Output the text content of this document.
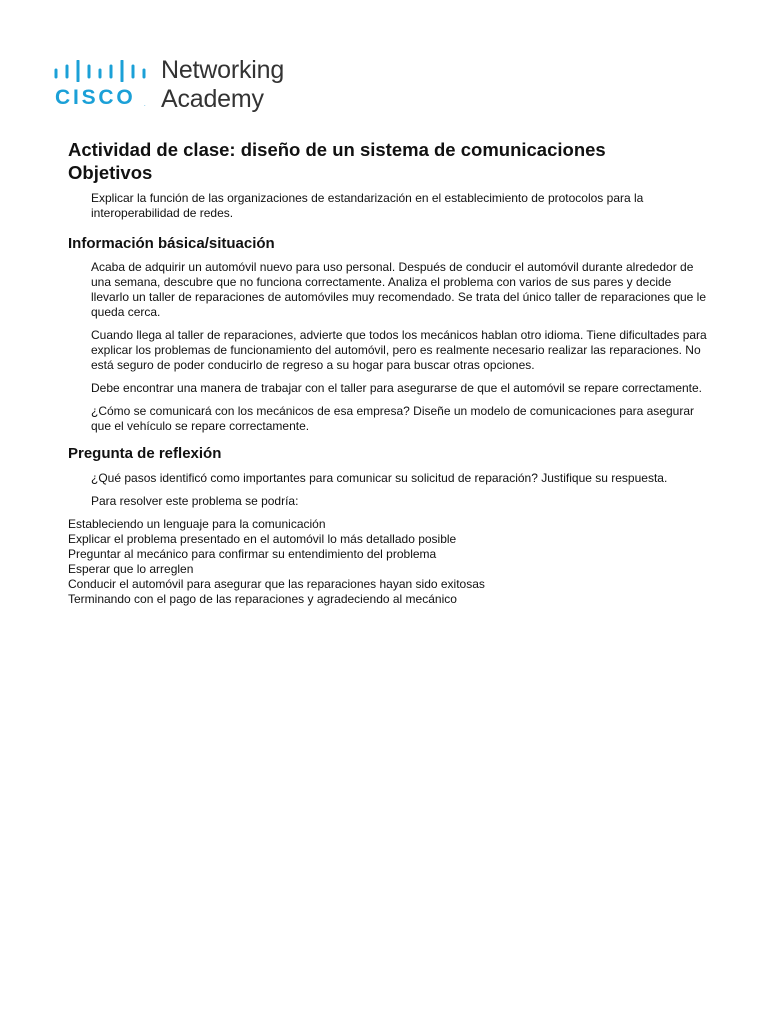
CISCO .
Networking
Academy
Actividad de clase: diseño de un sistema de comunicaciones
Objetivos

Explicar la función de las organizaciones de estandarización en el establecimiento de protocolos para la interoperabilidad de redes.

Información básica/situación

Acaba de adquirir un automóvil nuevo para uso personal. Después de conducir el automóvil durante alrededor de una semana, descubre que no funciona correctamente. Analiza el problema con varios de sus pares y decide llevarlo un taller de reparaciones de automóviles muy recomendado. Se trata del único taller de reparaciones que le queda cerca.

Cuando llega al taller de reparaciones, advierte que todos los mecánicos hablan otro idioma. Tiene dificultades para explicar los problemas de funcionamiento del automóvil, pero es realmente necesario realizar las reparaciones. No está seguro de poder conducirlo de regreso a su hogar para buscar otras opciones.

Debe encontrar una manera de trabajar con el taller para asegurarse de que el automóvil se repare correctamente.

¿Cómo se comunicará con los mecánicos de esa empresa? Diseñe un modelo de comunicaciones para asegurar que el vehículo se repare correctamente.

Pregunta de reflexión

¿Qué pasos identificó como importantes para comunicar su solicitud de reparación? Justifique su respuesta.

Para resolver este problema se podría:

Estableciendo un lenguaje para la comunicación
Explicar el problema presentado en el automóvil lo más detallado posible
Preguntar al mecánico para confirmar su entendimiento del problema
Esperar que lo arreglen
Conducir el automóvil para asegurar que las reparaciones hayan sido exitosas
Terminando con el pago de las reparaciones y agradeciendo al mecánico
